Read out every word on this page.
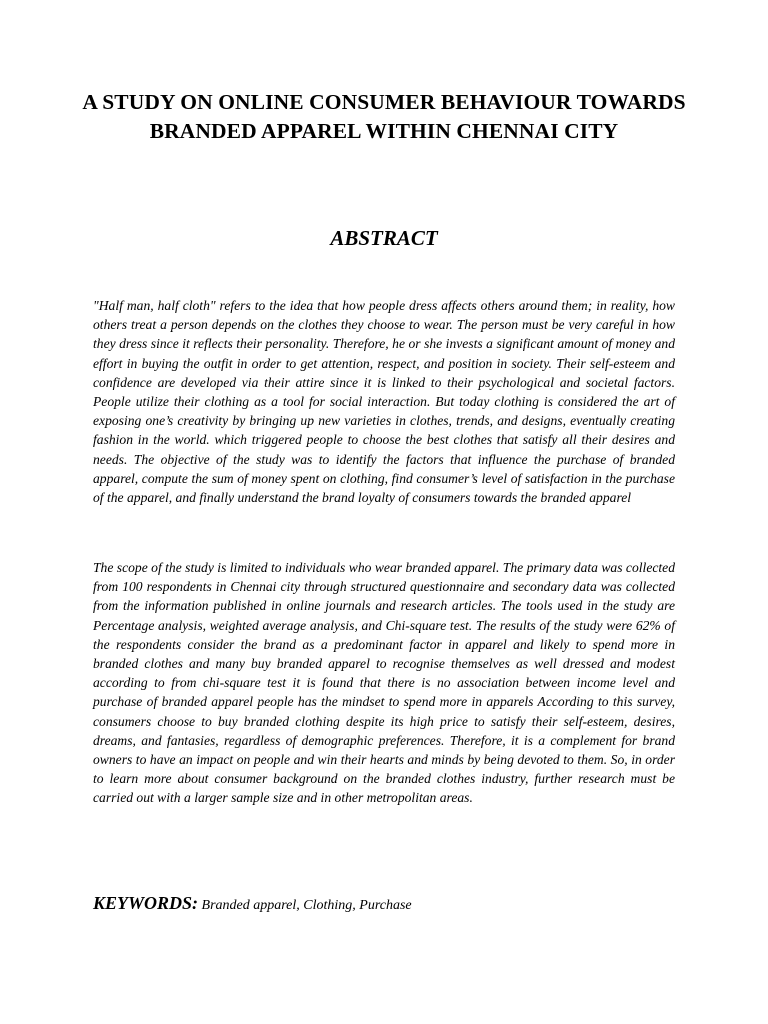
A STUDY ON ONLINE CONSUMER BEHAVIOUR TOWARDS BRANDED APPAREL WITHIN CHENNAI CITY
ABSTRACT

"Half man, half cloth" refers to the idea that how people dress affects others around them; in reality, how others treat a person depends on the clothes they choose to wear. The person must be very careful in how they dress since it reflects their personality. Therefore, he or she invests a significant amount of money and effort in buying the outfit in order to get attention, respect, and position in society. Their self-esteem and confidence are developed via their attire since it is linked to their psychological and societal factors. People utilize their clothing as a tool for social interaction. But today clothing is considered the art of exposing one’s creativity by bringing up new varieties in clothes, trends, and designs, eventually creating fashion in the world. which triggered people to choose the best clothes that satisfy all their desires and needs. The objective of the study was to identify the factors that influence the purchase of branded apparel, compute the sum of money spent on clothing, find consumer’s level of satisfaction in the purchase of the apparel, and finally understand the brand loyalty of consumers towards the branded apparel

The scope of the study is limited to individuals who wear branded apparel. The primary data was collected from 100 respondents in Chennai city through structured questionnaire and secondary data was collected from the information published in online journals and research articles. The tools used in the study are Percentage analysis, weighted average analysis, and Chi-square test. The results of the study were 62% of the respondents consider the brand as a predominant factor in apparel and likely to spend more in branded clothes and many buy branded apparel to recognise themselves as well dressed and modest according to from chi-square test it is found that there is no association between income level and purchase of branded apparel people has the mindset to spend more in apparels According to this survey, consumers choose to buy branded clothing despite its high price to satisfy their self-esteem, desires, dreams, and fantasies, regardless of demographic preferences. Therefore, it is a complement for brand owners to have an impact on people and win their hearts and minds by being devoted to them. So, in order to learn more about consumer background on the branded clothes industry, further research must be carried out with a larger sample size and in other metropolitan areas.

KEYWORDS: Branded apparel, Clothing, Purchase
